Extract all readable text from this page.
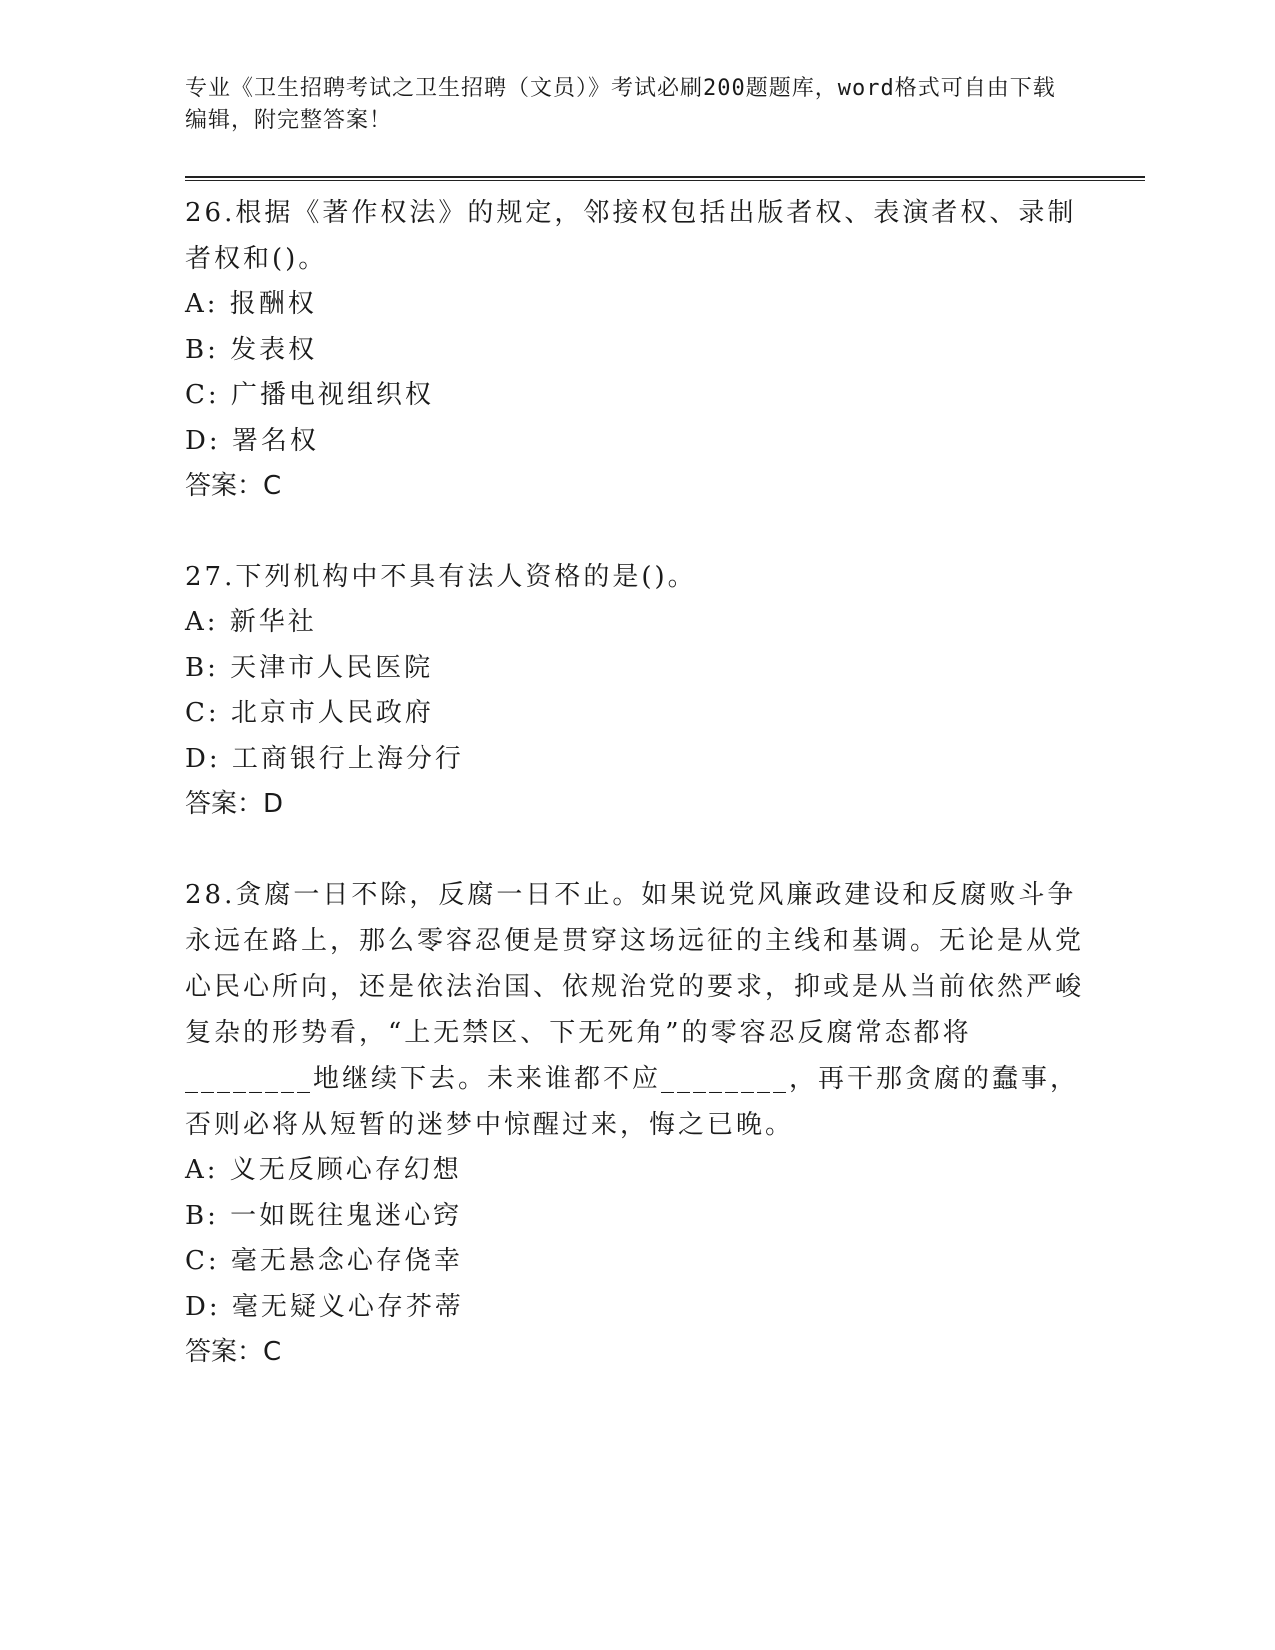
专业《卫生招聘考试之卫生招聘（文员）》考试必刷200题题库，word格式可自由下载编辑，附完整答案！

26.根据《著作权法》的规定，邻接权包括出版者权、表演者权、录制者权和()。

A: 报酬权

B: 发表权

C: 广播电视组织权

D: 署名权

答案：C

27.下列机构中不具有法人资格的是()。

A: 新华社

B: 天津市人民医院

C: 北京市人民政府

D: 工商银行上海分行

答案：D

28.贪腐一日不除，反腐一日不止。如果说党风廉政建设和反腐败斗争永远在路上，那么零容忍便是贯穿这场远征的主线和基调。无论是从党心民心所向，还是依法治国、依规治党的要求，抑或是从当前依然严峻复杂的形势看，“上无禁区、下无死角”的零容忍反腐常态都将________地继续下去。未来谁都不应________，再干那贪腐的蠢事，否则必将从短暂的迷梦中惊醒过来，悔之已晚。

A: 义无反顾心存幻想

B: 一如既往鬼迷心窍

C: 毫无悬念心存侥幸

D: 毫无疑义心存芥蒂

答案：C
